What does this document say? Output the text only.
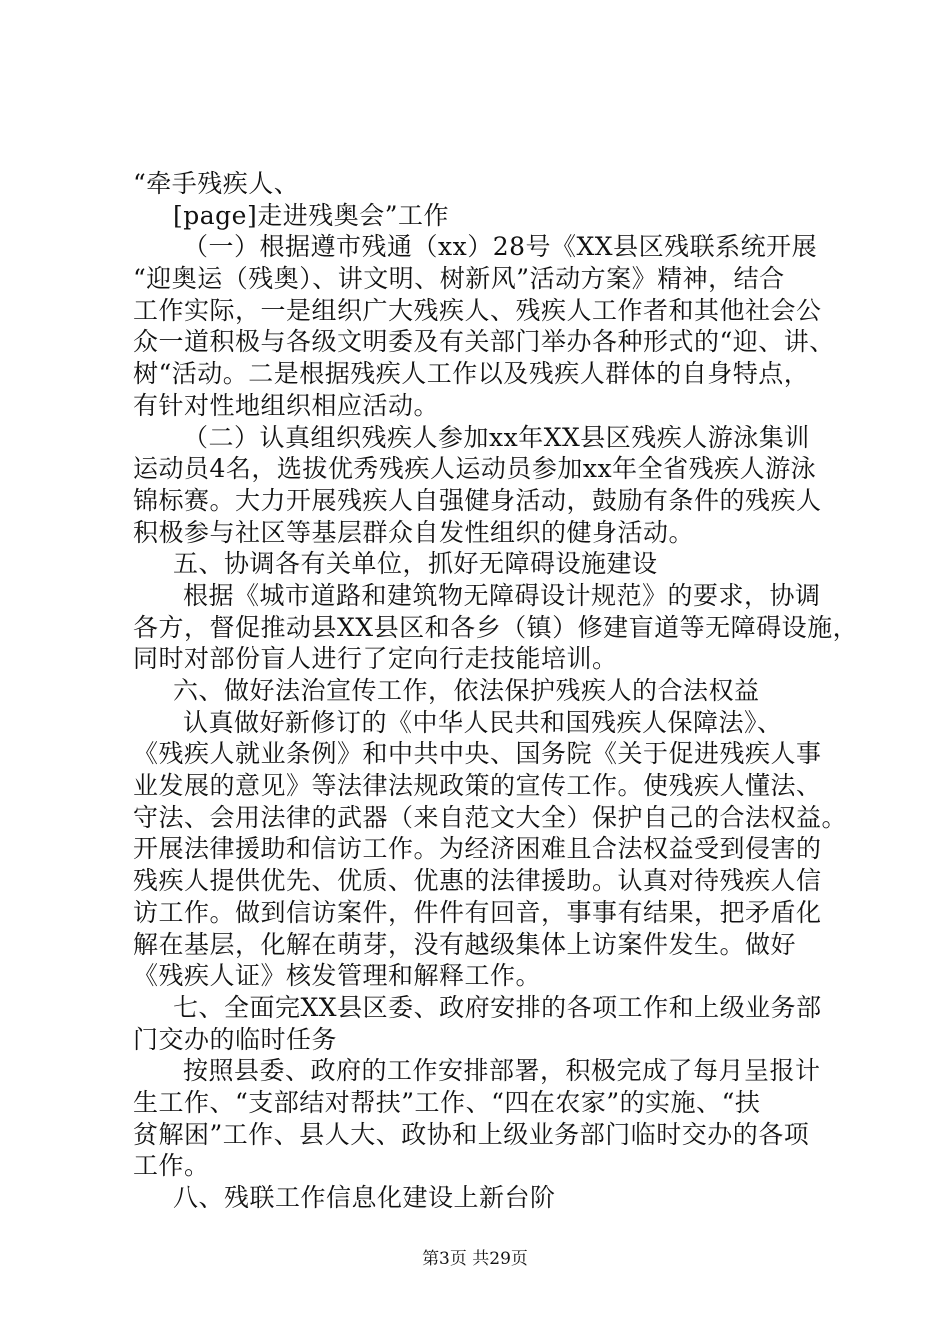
“牵手残疾人、
[page]走进残奥会”工作
（一）根据遵市残通（xx）28号《XX县区残联系统开展
“迎奥运（残奥）、讲文明、树新风”活动方案》精神，结合
工作实际，一是组织广大残疾人、残疾人工作者和其他社会公
众一道积极与各级文明委及有关部门举办各种形式的“迎、讲、
树“活动。二是根据残疾人工作以及残疾人群体的自身特点，
有针对性地组织相应活动。
（二）认真组织残疾人参加xx年XX县区残疾人游泳集训
运动员4名，选拔优秀残疾人运动员参加xx年全省残疾人游泳
锦标赛。大力开展残疾人自强健身活动，鼓励有条件的残疾人
积极参与社区等基层群众自发性组织的健身活动。
五、协调各有关单位，抓好无障碍设施建设
根据《城市道路和建筑物无障碍设计规范》的要求，协调
各方，督促推动县XX县区和各乡（镇）修建盲道等无障碍设施，
同时对部份盲人进行了定向行走技能培训。
六、做好法治宣传工作，依法保护残疾人的合法权益
认真做好新修订的《中华人民共和国残疾人保障法》、
《残疾人就业条例》和中共中央、国务院《关于促进残疾人事
业发展的意见》等法律法规政策的宣传工作。使残疾人懂法、
守法、会用法律的武器（来自范文大全）保护自己的合法权益。
开展法律援助和信访工作。为经济困难且合法权益受到侵害的
残疾人提供优先、优质、优惠的法律援助。认真对待残疾人信
访工作。做到信访案件，件件有回音，事事有结果，把矛盾化
解在基层，化解在萌芽，没有越级集体上访案件发生。做好
《残疾人证》核发管理和解释工作。
七、全面完XX县区委、政府安排的各项工作和上级业务部
门交办的临时任务
按照县委、政府的工作安排部署，积极完成了每月呈报计
生工作、“支部结对帮扶”工作、“四在农家”的实施、“扶
贫解困”工作、县人大、政协和上级业务部门临时交办的各项
工作。
八、残联工作信息化建设上新台阶
第3页 共29页
